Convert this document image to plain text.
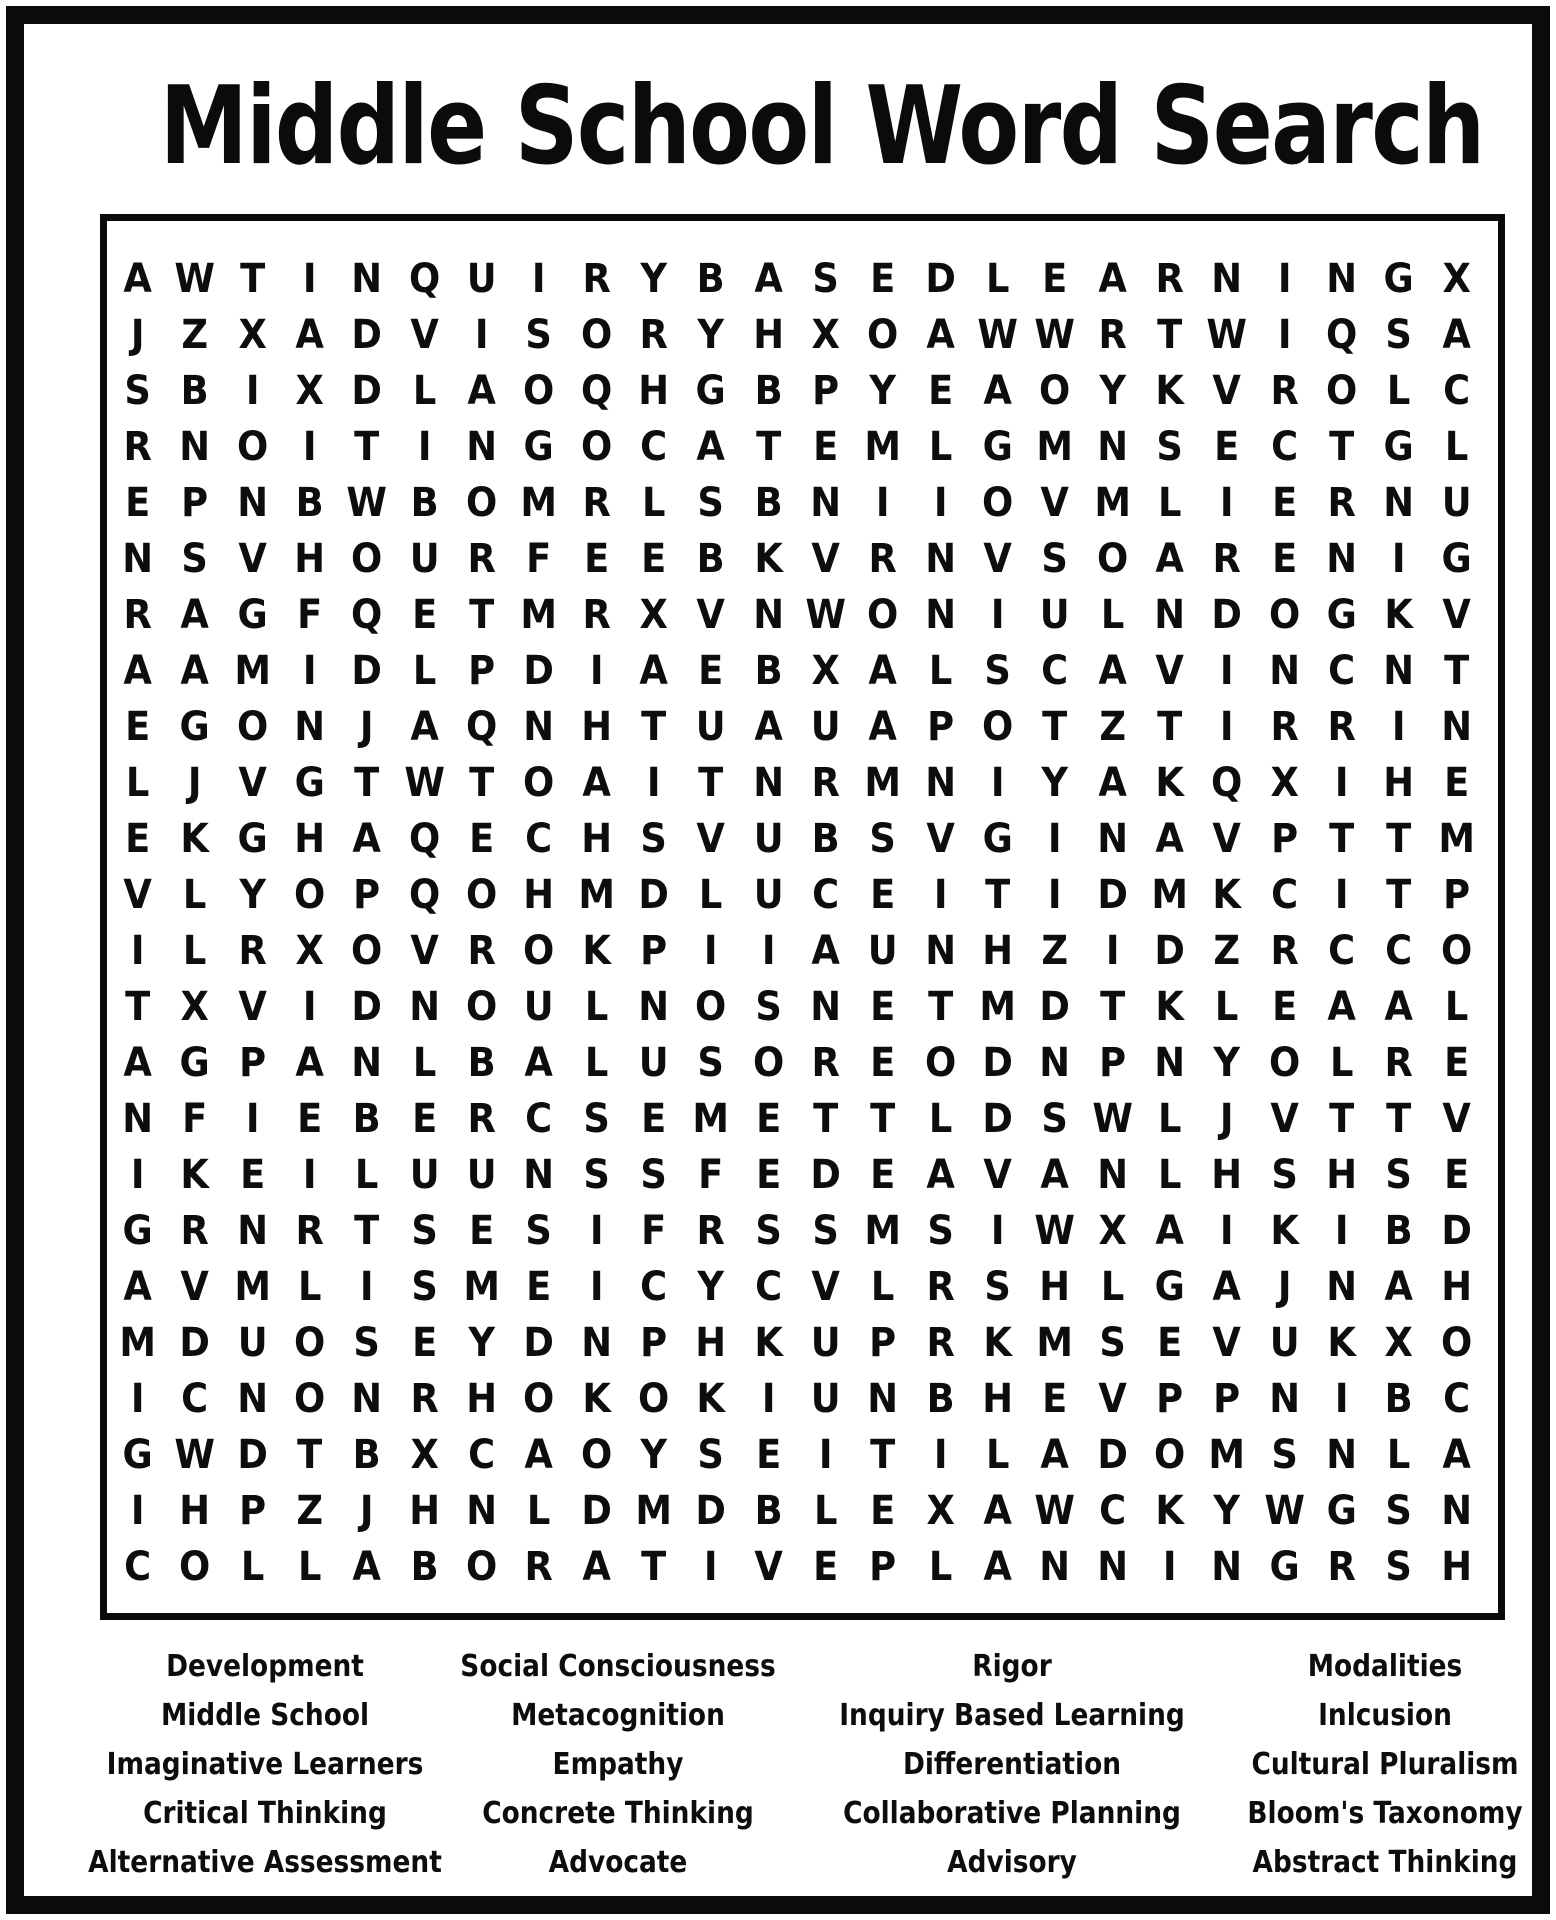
Middle School Word Search
A W T I N Q U I R Y B A S E D L E A R N I N G X
J Z X A D V I S O R Y H X O A W W R T W I Q S A
S B I X D L A O Q H G B P Y E A O Y K V R O L C
R N O I T I N G O C A T E M L G M N S E C T G L
E P N B W B O M R L S B N I	I O V M L I E R N U
N S V H O U R F E E B K V R N V S O A R E N I G
R A G F Q E T M R X V N W O N I U L N D O G K V
A A M I D L P D I A E B X A L S C A V I N C N T
E G O N J A Q N H T U A U A P O T Z T I R R I N
L J V G T W T O A I T N R M N I Y A K Q X I H E
E K G H A Q E C H S V U B S V G I N A V P T T M
V L Y O P Q O H M D L U C E I T I D M K C I T P
I L R X O V R O K P I	I A U N H Z I D Z R C C O
T X V I D N O U L N O S N E T M D T K L E A A L
A G P A N L B A L U S O R E O D N P N Y O L R E
N F I E B E R C S E M E T T L D S W L J V T T V
I K E I L U U N S S F E D E A V A N L H S H S E
G R N R T S E S I F R S S M S I W X A I K I B D
A V M L I S M E I C Y C V L R S H L G A J N A H
M D U O S E Y D N P H K U P R K M S E V U K X O
I C N O N R H O K O K I U N B H E V P P N I B C
G W D T B X C A O Y S E I T I L A D O M S N L A
I H P Z J H N L D M D B L E X A W C K Y W G S N
C O L L A B O R A T I V E P L A N N I N G R S H
Development
Middle School
Imaginative Learners
Critical Thinking
Alternative Assessment
Social Consciousness
Metacognition
Empathy
Concrete Thinking
Advocate
Rigor
Inquiry Based Learning
Differentiation
Collaborative Planning
Advisory
Modalities
Inlcusion
Cultural Pluralism
Bloom's Taxonomy
Abstract Thinking
